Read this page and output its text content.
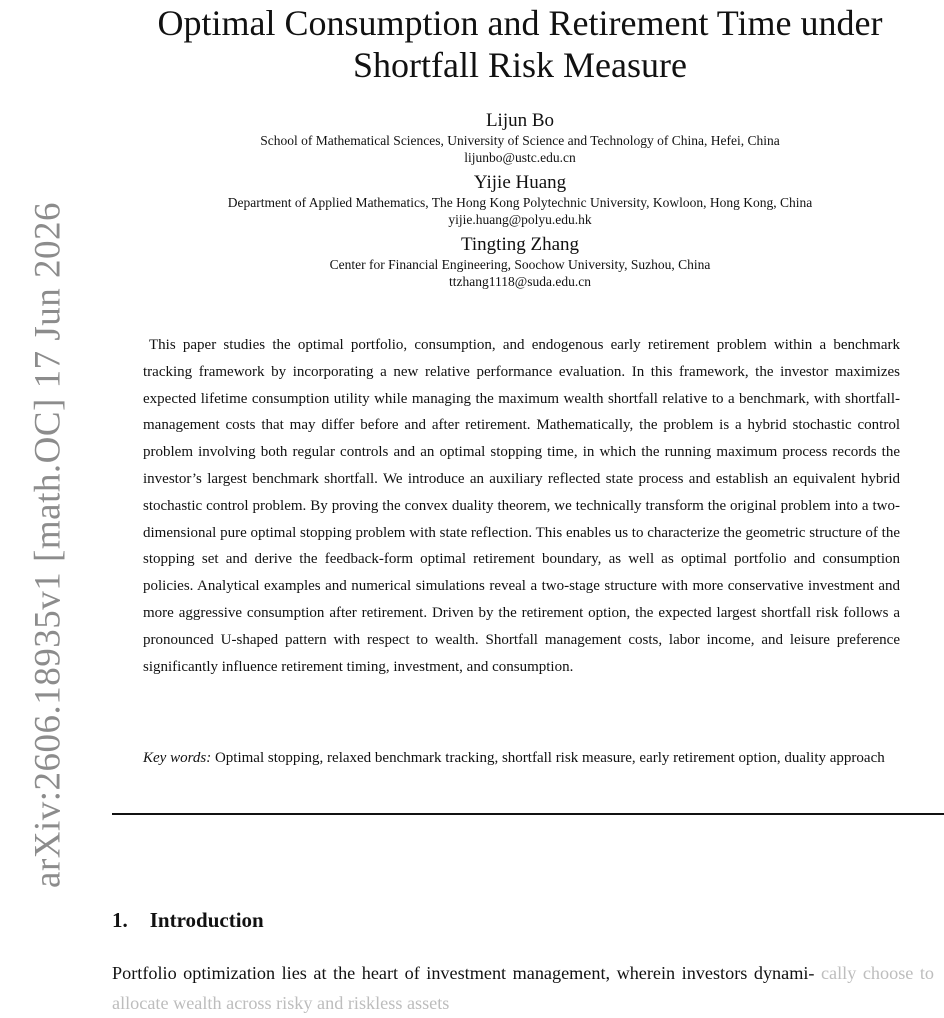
arXiv:2606.18935v1 [math.OC] 17 Jun 2026
Optimal Consumption and Retirement Time under Shortfall Risk Measure
Lijun Bo
School of Mathematical Sciences, University of Science and Technology of China, Hefei, China
lijunbo@ustc.edu.cn
Yijie Huang
Department of Applied Mathematics, The Hong Kong Polytechnic University, Kowloon, Hong Kong, China
yijie.huang@polyu.edu.hk
Tingting Zhang
Center for Financial Engineering, Soochow University, Suzhou, China
ttzhang1118@suda.edu.cn

This paper studies the optimal portfolio, consumption, and endogenous early retirement problem within a benchmark tracking framework by incorporating a new relative performance evaluation. In this framework, the investor maximizes expected lifetime consumption utility while managing the maximum wealth shortfall relative to a benchmark, with shortfall-management costs that may differ before and after retirement. Mathematically, the problem is a hybrid stochastic control problem involving both regular controls and an optimal stopping time, in which the running maximum process records the investor’s largest benchmark shortfall. We introduce an auxiliary reflected state process and establish an equivalent hybrid stochastic control problem. By proving the convex duality theorem, we technically transform the original problem into a two-dimensional pure optimal stopping problem with state reflection. This enables us to characterize the geometric structure of the stopping set and derive the feedback-form optimal retirement boundary, as well as optimal portfolio and consumption policies. Analytical examples and numerical simulations reveal a two-stage structure with more conservative investment and more aggressive consumption after retirement. Driven by the retirement option, the expected largest shortfall risk follows a pronounced U-shaped pattern with respect to wealth. Shortfall management costs, labor income, and leisure preference significantly influence retirement timing, investment, and consumption.

Key words: Optimal stopping, relaxed benchmark tracking, shortfall risk measure, early retirement option, duality approach
1. Introduction

Portfolio optimization lies at the heart of investment management, wherein investors dynami- cally choose to allocate wealth across risky and riskless assets
